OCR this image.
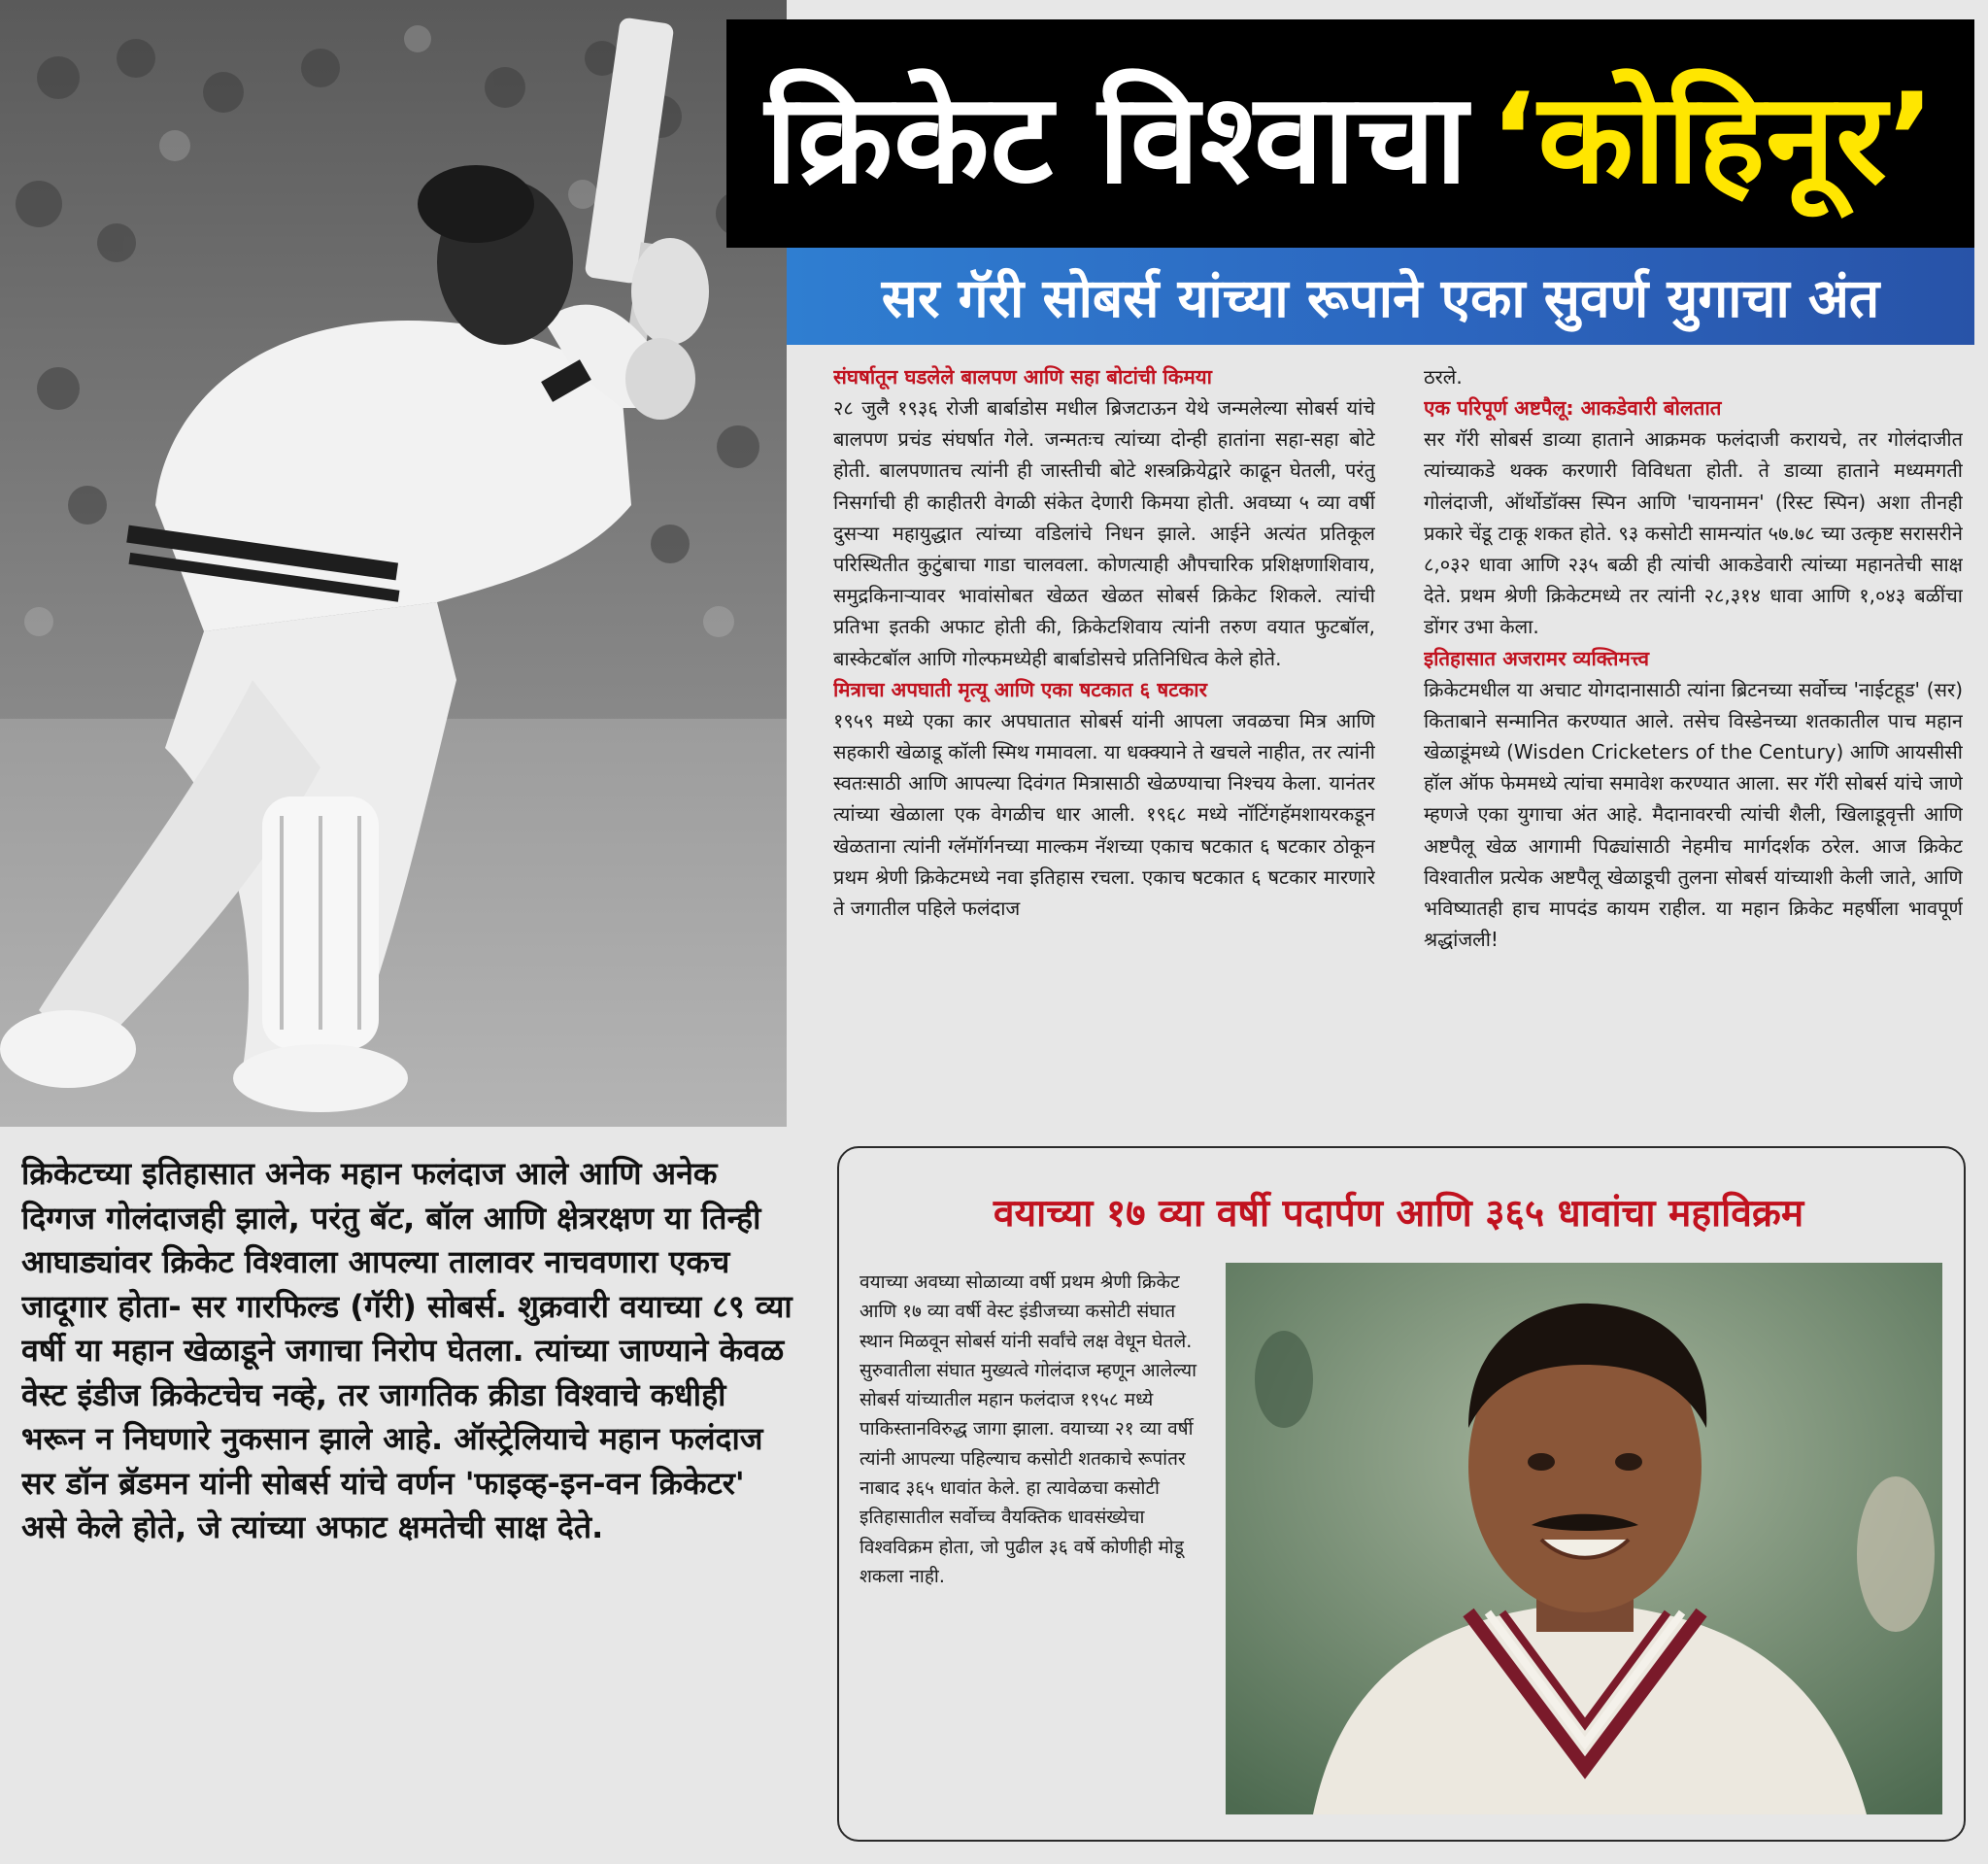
क्रिकेट विश्वाचा ‘कोहिनूर’
सर गॅरी सोबर्स यांच्या रूपाने एका सुवर्ण युगाचा अंत
संघर्षातून घडलेले बालपण आणि सहा बोटांची किमया

२८ जुलै १९३६ रोजी बार्बाडोस मधील ब्रिजटाऊन येथे जन्मलेल्या सोबर्स यांचे बालपण प्रचंड संघर्षात गेले. जन्मतःच त्यांच्या दोन्ही हातांना सहा-सहा बोटे होती. बालपणातच त्यांनी ही जास्तीची बोटे शस्त्रक्रियेद्वारे काढून घेतली, परंतु निसर्गाची ही काहीतरी वेगळी संकेत देणारी किमया होती. अवघ्या ५ व्या वर्षी दुसऱ्या महायुद्धात त्यांच्या वडिलांचे निधन झाले. आईने अत्यंत प्रतिकूल परिस्थितीत कुटुंबाचा गाडा चालवला. कोणत्याही औपचारिक प्रशिक्षणाशिवाय, समुद्रकिनाऱ्यावर भावांसोबत खेळत खेळत सोबर्स क्रिकेट शिकले. त्यांची प्रतिभा इतकी अफाट होती की, क्रिकेटशिवाय त्यांनी तरुण वयात फुटबॉल, बास्केटबॉल आणि गोल्फमध्येही बार्बाडोसचे प्रतिनिधित्व केले होते.

मित्राचा अपघाती मृत्यू आणि एका षटकात ६ षटकार

१९५९ मध्ये एका कार अपघातात सोबर्स यांनी आपला जवळचा मित्र आणि सहकारी खेळाडू कॉली स्मिथ गमावला. या धक्क्याने ते खचले नाहीत, तर त्यांनी स्वतःसाठी आणि आपल्या दिवंगत मित्रासाठी खेळण्याचा निश्चय केला. यानंतर त्यांच्या खेळाला एक वेगळीच धार आली. १९६८ मध्ये नॉटिंगहॅमशायरकडून खेळताना त्यांनी ग्लॅमॉर्गनच्या माल्कम नॅशच्या एकाच षटकात ६ षटकार ठोकून प्रथम श्रेणी क्रिकेटमध्ये नवा इतिहास रचला. एकाच षटकात ६ षटकार मारणारे ते जगातील पहिले फलंदाज

ठरले.

एक परिपूर्ण अष्टपैलू: आकडेवारी बोलतात

सर गॅरी सोबर्स डाव्या हाताने आक्रमक फलंदाजी करायचे, तर गोलंदाजीत त्यांच्याकडे थक्क करणारी विविधता होती. ते डाव्या हाताने मध्यमगती गोलंदाजी, ऑर्थोडॉक्स स्पिन आणि 'चायनामन' (रिस्ट स्पिन) अशा तीनही प्रकारे चेंडू टाकू शकत होते. ९३ कसोटी सामन्यांत ५७.७८ च्या उत्कृष्ट सरासरीने ८,०३२ धावा आणि २३५ बळी ही त्यांची आकडेवारी त्यांच्या महानतेची साक्ष देते. प्रथम श्रेणी क्रिकेटमध्ये तर त्यांनी २८,३१४ धावा आणि १,०४३ बळींचा डोंगर उभा केला.

इतिहासात अजरामर व्यक्तिमत्त्व

क्रिकेटमधील या अचाट योगदानासाठी त्यांना ब्रिटनच्या सर्वोच्च 'नाईटहूड' (सर) किताबाने सन्मानित करण्यात आले. तसेच विस्डेनच्या शतकातील पाच महान खेळाडूंमध्ये (Wisden Cricketers of the Century) आणि आयसीसी हॉल ऑफ फेममध्ये त्यांचा समावेश करण्यात आला. सर गॅरी सोबर्स यांचे जाणे म्हणजे एका युगाचा अंत आहे. मैदानावरची त्यांची शैली, खिलाडूवृत्ती आणि अष्टपैलू खेळ आगामी पिढ्यांसाठी नेहमीच मार्गदर्शक ठरेल. आज क्रिकेट विश्वातील प्रत्येक अष्टपैलू खेळाडूची तुलना सोबर्स यांच्याशी केली जाते, आणि भविष्यातही हाच मापदंड कायम राहील. या महान क्रिकेट महर्षीला भावपूर्ण श्रद्धांजली!

क्रिकेटच्या इतिहासात अनेक महान फलंदाज आले आणि अनेक दिग्गज गोलंदाजही झाले, परंतु बॅट, बॉल आणि क्षेत्ररक्षण या तिन्ही आघाड्यांवर क्रिकेट विश्वाला आपल्या तालावर नाचवणारा एकच जादूगार होता- सर गारफिल्ड (गॅरी) सोबर्स. शुक्रवारी वयाच्या ८९ व्या वर्षी या महान खेळाडूने जगाचा निरोप घेतला. त्यांच्या जाण्याने केवळ वेस्ट इंडीज क्रिकेटचेच नव्हे, तर जागतिक क्रीडा विश्वाचे कधीही भरून न निघणारे नुकसान झाले आहे. ऑस्ट्रेलियाचे महान फलंदाज सर डॉन ब्रॅडमन यांनी सोबर्स यांचे वर्णन 'फाइव्ह-इन-वन क्रिकेटर' असे केले होते, जे त्यांच्या अफाट क्षमतेची साक्ष देते.
वयाच्या १७ व्या वर्षी पदार्पण आणि ३६५ धावांचा महाविक्रम
वयाच्या अवघ्या सोळाव्या वर्षी प्रथम श्रेणी क्रिकेट आणि १७ व्या वर्षी वेस्ट इंडीजच्या कसोटी संघात स्थान मिळवून सोबर्स यांनी सर्वांचे लक्ष वेधून घेतले. सुरुवातीला संघात मुख्यत्वे गोलंदाज म्हणून आलेल्या सोबर्स यांच्यातील महान फलंदाज १९५८ मध्ये पाकिस्तानविरुद्ध जागा झाला. वयाच्या २१ व्या वर्षी त्यांनी आपल्या पहिल्याच कसोटी शतकाचे रूपांतर नाबाद ३६५ धावांत केले. हा त्यावेळचा कसोटी इतिहासातील सर्वोच्च वैयक्तिक धावसंख्येचा विश्वविक्रम होता, जो पुढील ३६ वर्षे कोणीही मोडू शकला नाही.
